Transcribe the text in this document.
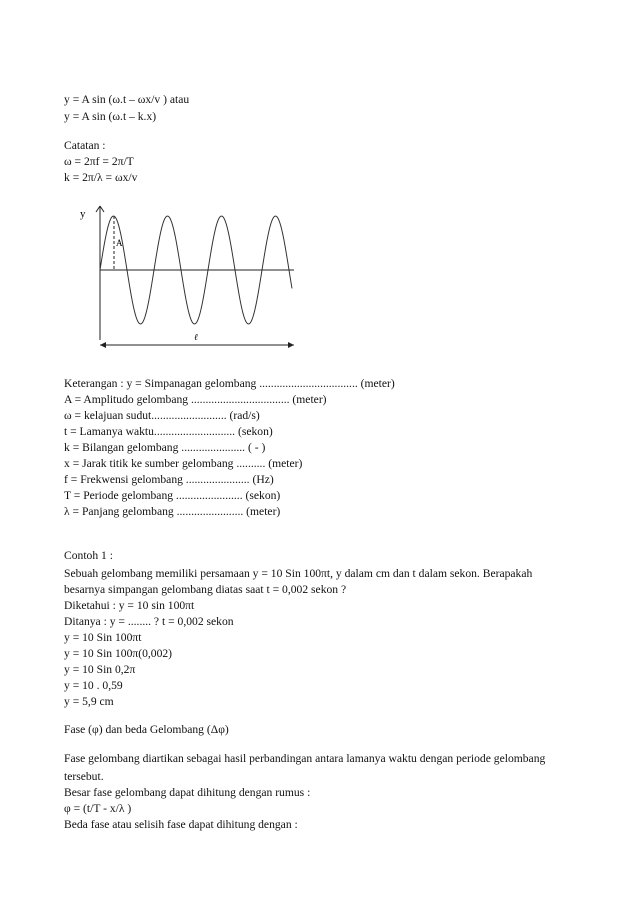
y = A sin (ω.t – ωx/v ) atau
y = A sin (ω.t – k.x)
Catatan :
ω = 2πf = 2π/T
k = 2π/λ = ωx/v
y
A
ℓ
Keterangan : y = Simpanagan gelombang .................................. (meter)
A = Amplitudo gelombang .................................. (meter)
ω = kelajuan sudut.......................... (rad/s)
t = Lamanya waktu............................ (sekon)
k = Bilangan gelombang ...................... ( - )
x = Jarak titik ke sumber gelombang .......... (meter)
f = Frekwensi gelombang ...................... (Hz)
T = Periode gelombang ....................... (sekon)
λ = Panjang gelombang ....................... (meter)
Contoh 1 :
Sebuah gelombang memiliki persamaan y = 10 Sin 100πt, y dalam cm dan t dalam sekon. Berapakah
besarnya simpangan gelombang diatas saat t = 0,002 sekon ?
Diketahui : y = 10 sin 100πt
Ditanya : y = ........ ? t = 0,002 sekon
y = 10 Sin 100πt
y = 10 Sin 100π(0,002)
y = 10 Sin 0,2π
y = 10 . 0,59
y = 5,9 cm
Fase (φ) dan beda Gelombang (Δφ)
Fase gelombang diartikan sebagai hasil perbandingan antara lamanya waktu dengan periode gelombang
tersebut.
Besar fase gelombang dapat dihitung dengan rumus :
φ = (t/T - x/λ )
Beda fase atau selisih fase dapat dihitung dengan :
